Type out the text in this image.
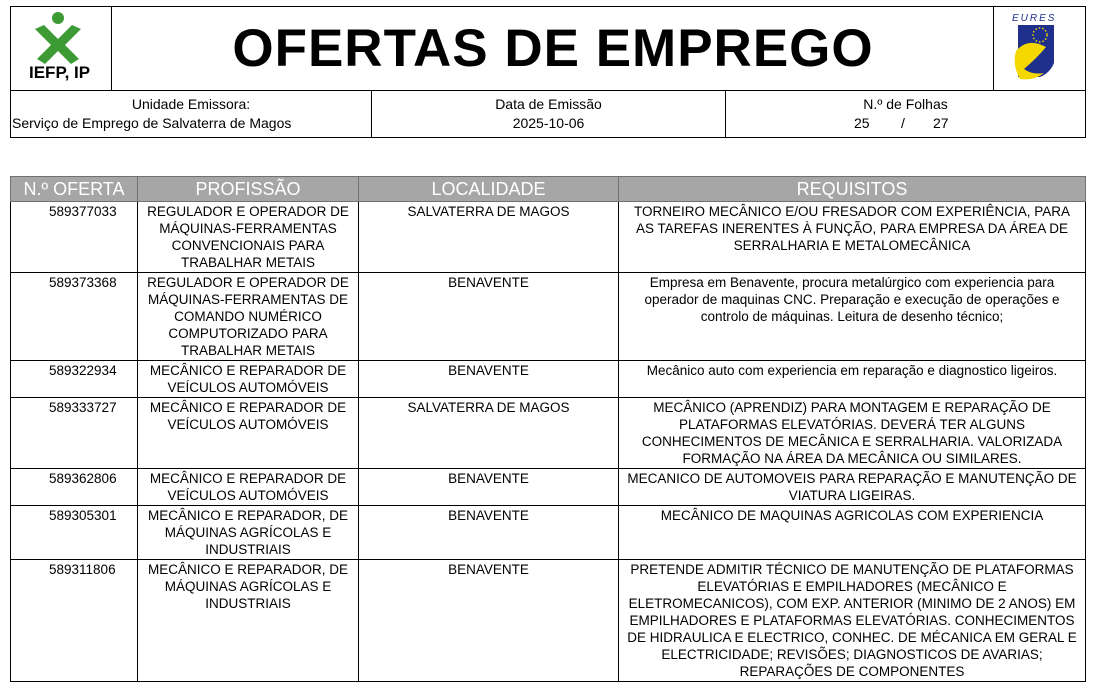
IEFP, IP	OFERTAS DE EMPREGO
EURES
Unidade Emissora:
Serviço de Emprego de Salvaterra de Magos
Data de Emissão
2025-10-06
N.º de Folhas
25 / 27
N.º OFERTA	PROFISSÃO	LOCALIDADE	REQUISITOS
589377033	REGULADOR E OPERADOR DE MÁQUINAS-FERRAMENTAS CONVENCIONAIS PARA TRABALHAR METAIS	SALVATERRA DE MAGOS	TORNEIRO MECÂNICO E/OU FRESADOR COM EXPERIÊNCIA, PARA AS TAREFAS INERENTES À FUNÇÃO, PARA EMPRESA DA ÁREA DE SERRALHARIA E METALOMECÂNICA
589373368	REGULADOR E OPERADOR DE MÁQUINAS-FERRAMENTAS DE COMANDO NUMÉRICO COMPUTORIZADO PARA TRABALHAR METAIS	BENAVENTE	Empresa em Benavente, procura metalúrgico com experiencia para operador de maquinas CNC. Preparação e execução de operações e controlo de máquinas. Leitura de desenho técnico;
589322934	MECÂNICO E REPARADOR DE VEÍCULOS AUTOMÓVEIS	BENAVENTE	Mecânico auto com experiencia em reparação e diagnostico ligeiros.
589333727	MECÂNICO E REPARADOR DE VEÍCULOS AUTOMÓVEIS	SALVATERRA DE MAGOS	MECÂNICO (APRENDIZ) PARA MONTAGEM E REPARAÇÃO DE PLATAFORMAS ELEVATÓRIAS. DEVERÁ TER ALGUNS CONHECIMENTOS DE MECÂNICA E SERRALHARIA. VALORIZADA FORMAÇÃO NA ÁREA DA MECÂNICA OU SIMILARES.
589362806	MECÂNICO E REPARADOR DE VEÍCULOS AUTOMÓVEIS	BENAVENTE	MECANICO DE AUTOMOVEIS PARA REPARAÇÃO E MANUTENÇÃO DE VIATURA LIGEIRAS.
589305301	MECÂNICO E REPARADOR, DE MÁQUINAS AGRÍCOLAS E INDUSTRIAIS	BENAVENTE	MECÂNICO DE MAQUINAS AGRICOLAS COM EXPERIENCIA
589311806	MECÂNICO E REPARADOR, DE MÁQUINAS AGRÍCOLAS E INDUSTRIAIS	BENAVENTE	PRETENDE ADMITIR TÉCNICO DE MANUTENÇÃO DE PLATAFORMAS ELEVATÓRIAS E EMPILHADORES (MECÂNICO E ELETROMECANICOS), COM EXP. ANTERIOR (MINIMO DE 2 ANOS) EM EMPILHADORES E PLATAFORMAS ELEVATÓRIAS. CONHECIMENTOS DE HIDRAULICA E ELECTRICO, CONHEC. DE MÉCANICA EM GERAL E ELECTRICIDADE; REVISÕES; DIAGNOSTICOS DE AVARIAS; REPARAÇÕES DE COMPONENTES
